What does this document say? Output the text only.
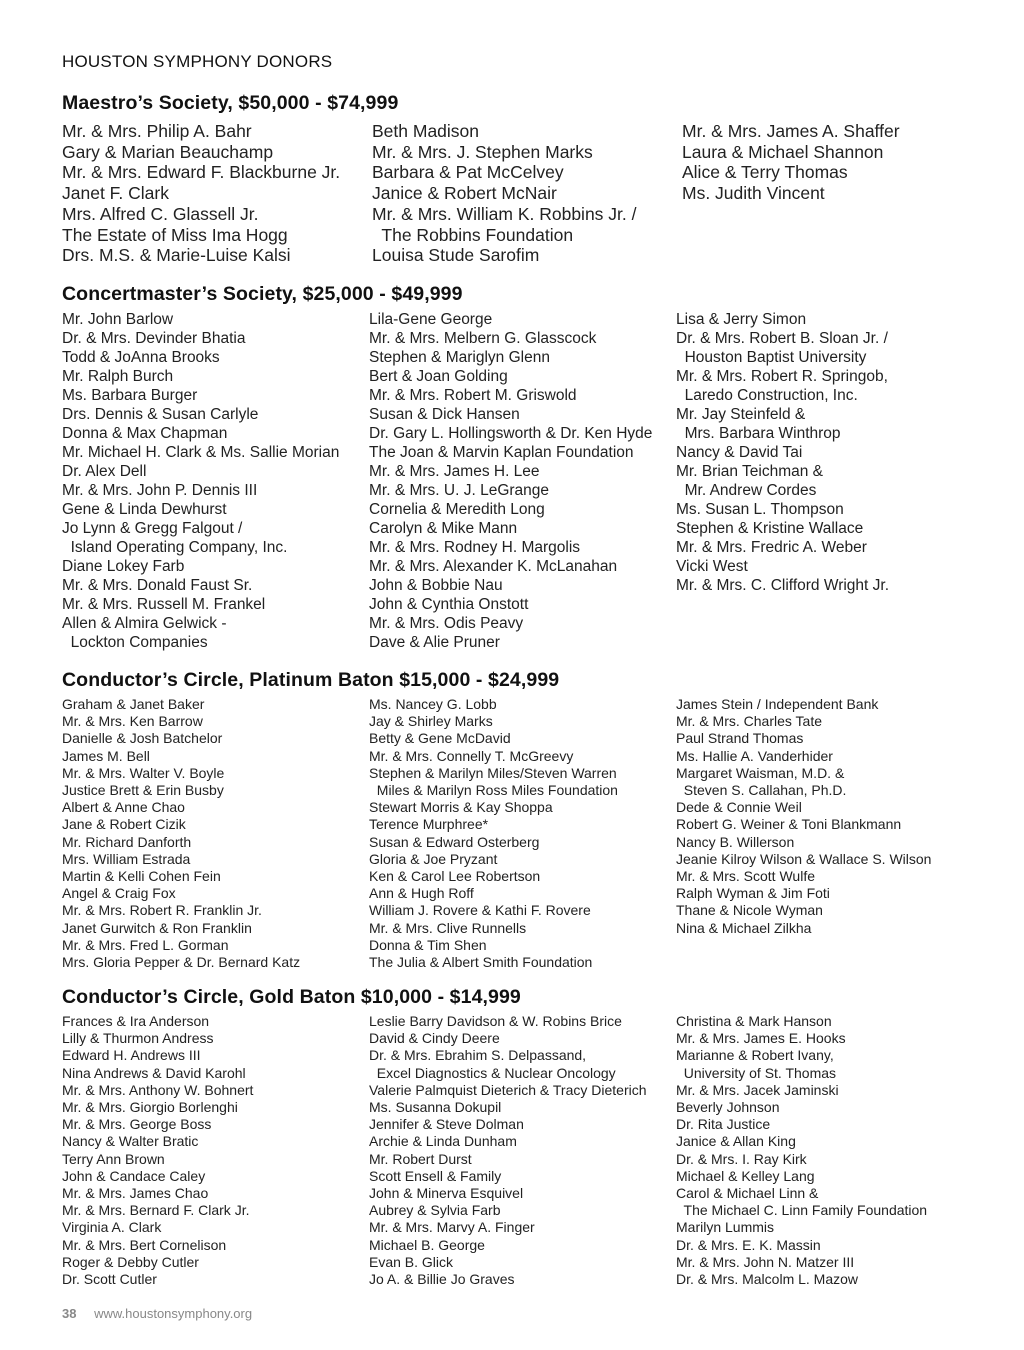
HOUSTON SYMPHONY DONORS
Maestro’s Society, $50,000 - $74,999
Mr. & Mrs. Philip A. Bahr
Gary & Marian Beauchamp
Mr. & Mrs. Edward F. Blackburne Jr.
Janet F. Clark
Mrs. Alfred C. Glassell Jr.
The Estate of Miss Ima Hogg
Drs. M.S. & Marie-Luise Kalsi
Beth Madison
Mr. & Mrs. J. Stephen Marks
Barbara & Pat McCelvey
Janice & Robert McNair
Mr. & Mrs. William K. Robbins Jr. /
The Robbins Foundation
Louisa Stude Sarofim
Mr. & Mrs. James A. Shaffer
Laura & Michael Shannon
Alice & Terry Thomas
Ms. Judith Vincent
Concertmaster’s Society, $25,000 - $49,999
Mr. John Barlow
Dr. & Mrs. Devinder Bhatia
Todd & JoAnna Brooks
Mr. Ralph Burch
Ms. Barbara Burger
Drs. Dennis & Susan Carlyle
Donna & Max Chapman
Mr. Michael H. Clark & Ms. Sallie Morian
Dr. Alex Dell
Mr. & Mrs. John P. Dennis III
Gene & Linda Dewhurst
Jo Lynn & Gregg Falgout /
Island Operating Company, Inc.
Diane Lokey Farb
Mr. & Mrs. Donald Faust Sr.
Mr. & Mrs. Russell M. Frankel
Allen & Almira Gelwick -
Lockton Companies
Lila-Gene George
Mr. & Mrs. Melbern G. Glasscock
Stephen & Mariglyn Glenn
Bert & Joan Golding
Mr. & Mrs. Robert M. Griswold
Susan & Dick Hansen
Dr. Gary L. Hollingsworth & Dr. Ken Hyde
The Joan & Marvin Kaplan Foundation
Mr. & Mrs. James H. Lee
Mr. & Mrs. U. J. LeGrange
Cornelia & Meredith Long
Carolyn & Mike Mann
Mr. & Mrs. Rodney H. Margolis
Mr. & Mrs. Alexander K. McLanahan
John & Bobbie Nau
John & Cynthia Onstott
Mr. & Mrs. Odis Peavy
Dave & Alie Pruner
Lisa & Jerry Simon
Dr. & Mrs. Robert B. Sloan Jr. /
Houston Baptist University
Mr. & Mrs. Robert R. Springob,
Laredo Construction, Inc.
Mr. Jay Steinfeld &
Mrs. Barbara Winthrop
Nancy & David Tai
Mr. Brian Teichman &
Mr. Andrew Cordes
Ms. Susan L. Thompson
Stephen & Kristine Wallace
Mr. & Mrs. Fredric A. Weber
Vicki West
Mr. & Mrs. C. Clifford Wright Jr.
Conductor’s Circle, Platinum Baton $15,000 - $24,999
Graham & Janet Baker
Mr. & Mrs. Ken Barrow
Danielle & Josh Batchelor
James M. Bell
Mr. & Mrs. Walter V. Boyle
Justice Brett & Erin Busby
Albert & Anne Chao
Jane & Robert Cizik
Mr. Richard Danforth
Mrs. William Estrada
Martin & Kelli Cohen Fein
Angel & Craig Fox
Mr. & Mrs. Robert R. Franklin Jr.
Janet Gurwitch & Ron Franklin
Mr. & Mrs. Fred L. Gorman
Mrs. Gloria Pepper & Dr. Bernard Katz
Ms. Nancey G. Lobb
Jay & Shirley Marks
Betty & Gene McDavid
Mr. & Mrs. Connelly T. McGreevy
Stephen & Marilyn Miles/Steven Warren
Miles & Marilyn Ross Miles Foundation
Stewart Morris & Kay Shoppa
Terence Murphree*
Susan & Edward Osterberg
Gloria & Joe Pryzant
Ken & Carol Lee Robertson
Ann & Hugh Roff
William J. Rovere & Kathi F. Rovere
Mr. & Mrs. Clive Runnells
Donna & Tim Shen
The Julia & Albert Smith Foundation
James Stein / Independent Bank
Mr. & Mrs. Charles Tate
Paul Strand Thomas
Ms. Hallie A. Vanderhider
Margaret Waisman, M.D. &
Steven S. Callahan, Ph.D.
Dede & Connie Weil
Robert G. Weiner & Toni Blankmann
Nancy B. Willerson
Jeanie Kilroy Wilson & Wallace S. Wilson
Mr. & Mrs. Scott Wulfe
Ralph Wyman & Jim Foti
Thane & Nicole Wyman
Nina & Michael Zilkha
Conductor’s Circle, Gold Baton $10,000 - $14,999
Frances & Ira Anderson
Lilly & Thurmon Andress
Edward H. Andrews III
Nina Andrews & David Karohl
Mr. & Mrs. Anthony W. Bohnert
Mr. & Mrs. Giorgio Borlenghi
Mr. & Mrs. George Boss
Nancy & Walter Bratic
Terry Ann Brown
John & Candace Caley
Mr. & Mrs. James Chao
Mr. & Mrs. Bernard F. Clark Jr.
Virginia A. Clark
Mr. & Mrs. Bert Cornelison
Roger & Debby Cutler
Dr. Scott Cutler
Leslie Barry Davidson & W. Robins Brice
David & Cindy Deere
Dr. & Mrs. Ebrahim S. Delpassand,
Excel Diagnostics & Nuclear Oncology
Valerie Palmquist Dieterich & Tracy Dieterich
Ms. Susanna Dokupil
Jennifer & Steve Dolman
Archie & Linda Dunham
Mr. Robert Durst
Scott Ensell & Family
John & Minerva Esquivel
Aubrey & Sylvia Farb
Mr. & Mrs. Marvy A. Finger
Michael B. George
Evan B. Glick
Jo A. & Billie Jo Graves
Christina & Mark Hanson
Mr. & Mrs. James E. Hooks
Marianne & Robert Ivany,
University of St. Thomas
Mr. & Mrs. Jacek Jaminski
Beverly Johnson
Dr. Rita Justice
Janice & Allan King
Dr. & Mrs. I. Ray Kirk
Michael & Kelley Lang
Carol & Michael Linn &
The Michael C. Linn Family Foundation
Marilyn Lummis
Dr. & Mrs. E. K. Massin
Mr. & Mrs. John N. Matzer III
Dr. & Mrs. Malcolm L. Mazow
38 www.houstonsymphony.org
